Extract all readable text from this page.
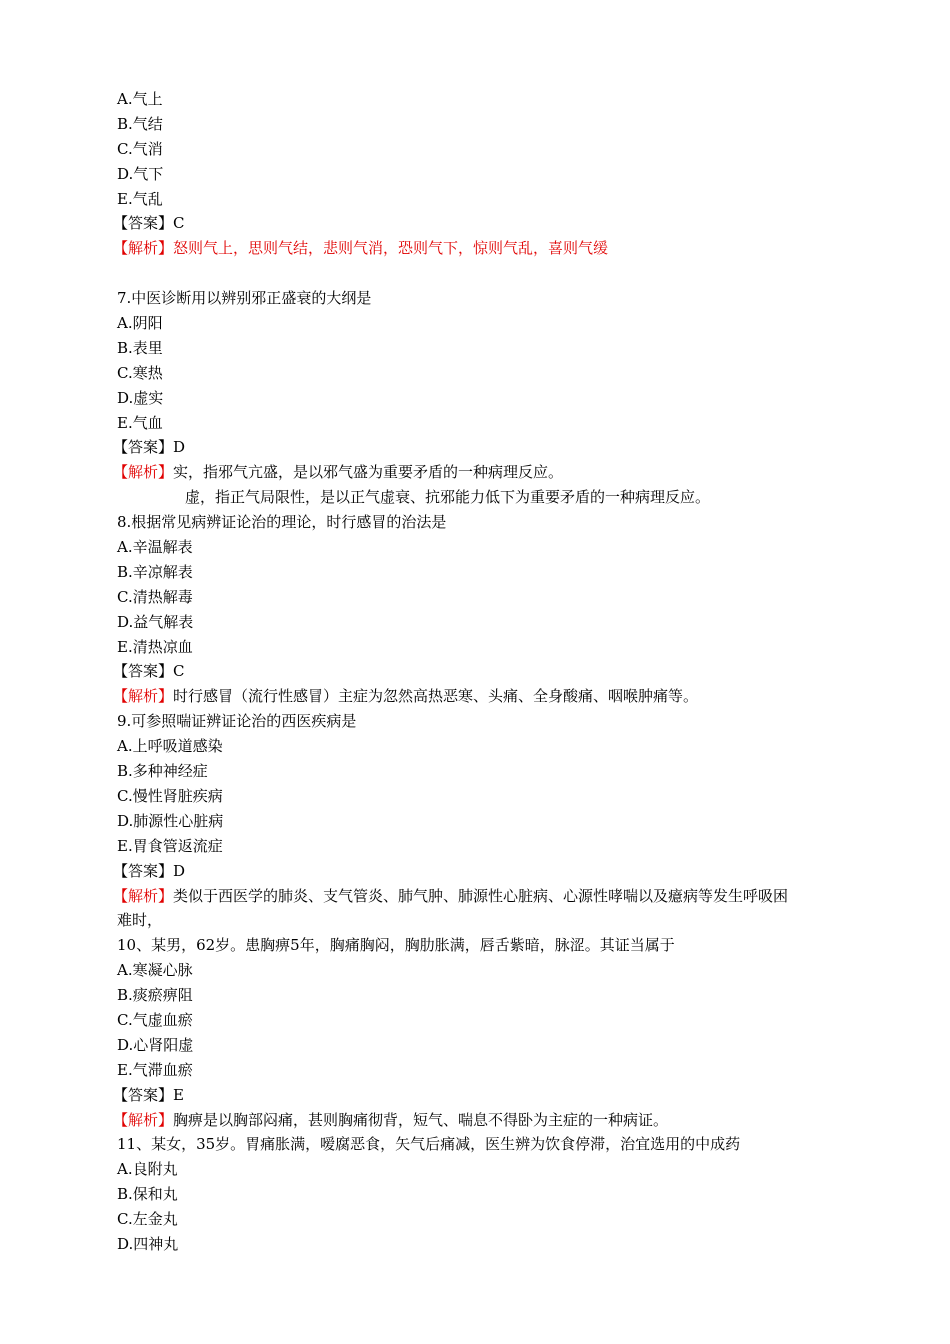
A.气上
B.气结
C.气消
D.气下
E.气乱
【答案】C
【解析】怒则气上，思则气结，悲则气消，恐则气下，惊则气乱，喜则气缓
7.中医诊断用以辨别邪正盛衰的大纲是
A.阴阳
B.表里
C.寒热
D.虚实
E.气血
【答案】D
【解析】实，指邪气亢盛，是以邪气盛为重要矛盾的一种病理反应。
虚，指正气局限性，是以正气虚衰、抗邪能力低下为重要矛盾的一种病理反应。
8.根据常见病辨证论治的理论，时行感冒的治法是
A.辛温解表
B.辛凉解表
C.清热解毒
D.益气解表
E.清热凉血
【答案】C
【解析】时行感冒（流行性感冒）主症为忽然高热恶寒、头痛、全身酸痛、咽喉肿痛等。
9.可参照喘证辨证论治的西医疾病是
A.上呼吸道感染
B.多种神经症
C.慢性肾脏疾病
D.肺源性心脏病
E.胃食管返流症
【答案】D
【解析】类似于西医学的肺炎、支气管炎、肺气肿、肺源性心脏病、心源性哮喘以及癔病等发生呼吸困
难时，
10、某男，62岁。患胸痹5年，胸痛胸闷，胸肋胀满，唇舌紫暗，脉涩。其证当属于
A.寒凝心脉
B.痰瘀痹阻
C.气虚血瘀
D.心肾阳虚
E.气滞血瘀
【答案】E
【解析】胸痹是以胸部闷痛，甚则胸痛彻背，短气、喘息不得卧为主症的一种病证。
11、某女，35岁。胃痛胀满，嗳腐恶食，矢气后痛减，医生辨为饮食停滞，治宜选用的中成药
A.良附丸
B.保和丸
C.左金丸
D.四神丸
